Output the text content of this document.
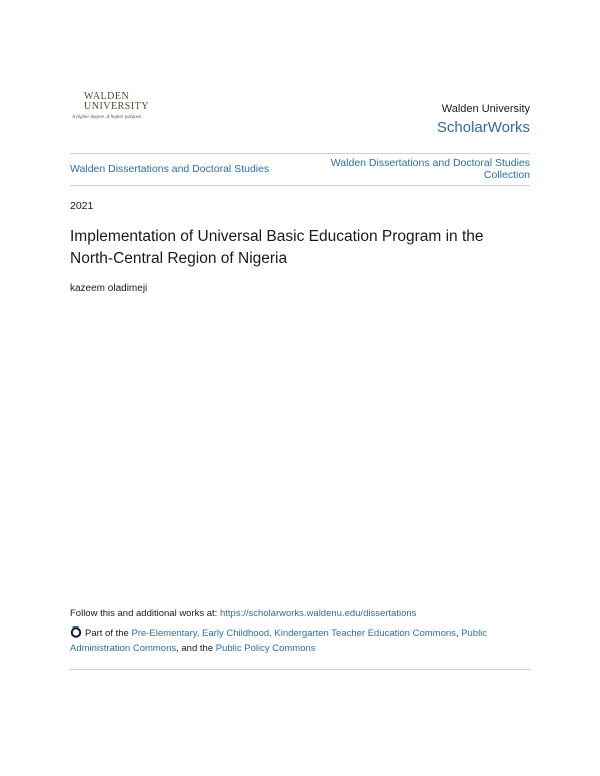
WALDEN
UNIVERSITY
A higher degree. A higher purpose.
Walden University
ScholarWorks
Walden Dissertations and Doctoral Studies	Walden Dissertations and Doctoral Studies Collection
2021
Implementation of Universal Basic Education Program in the North-Central Region of Nigeria
kazeem oladimeji
Follow this and additional works at: https://scholarworks.waldenu.edu/dissertations
Part of the Pre-Elementary, Early Childhood, Kindergarten Teacher Education Commons, Public Administration Commons, and the Public Policy Commons
